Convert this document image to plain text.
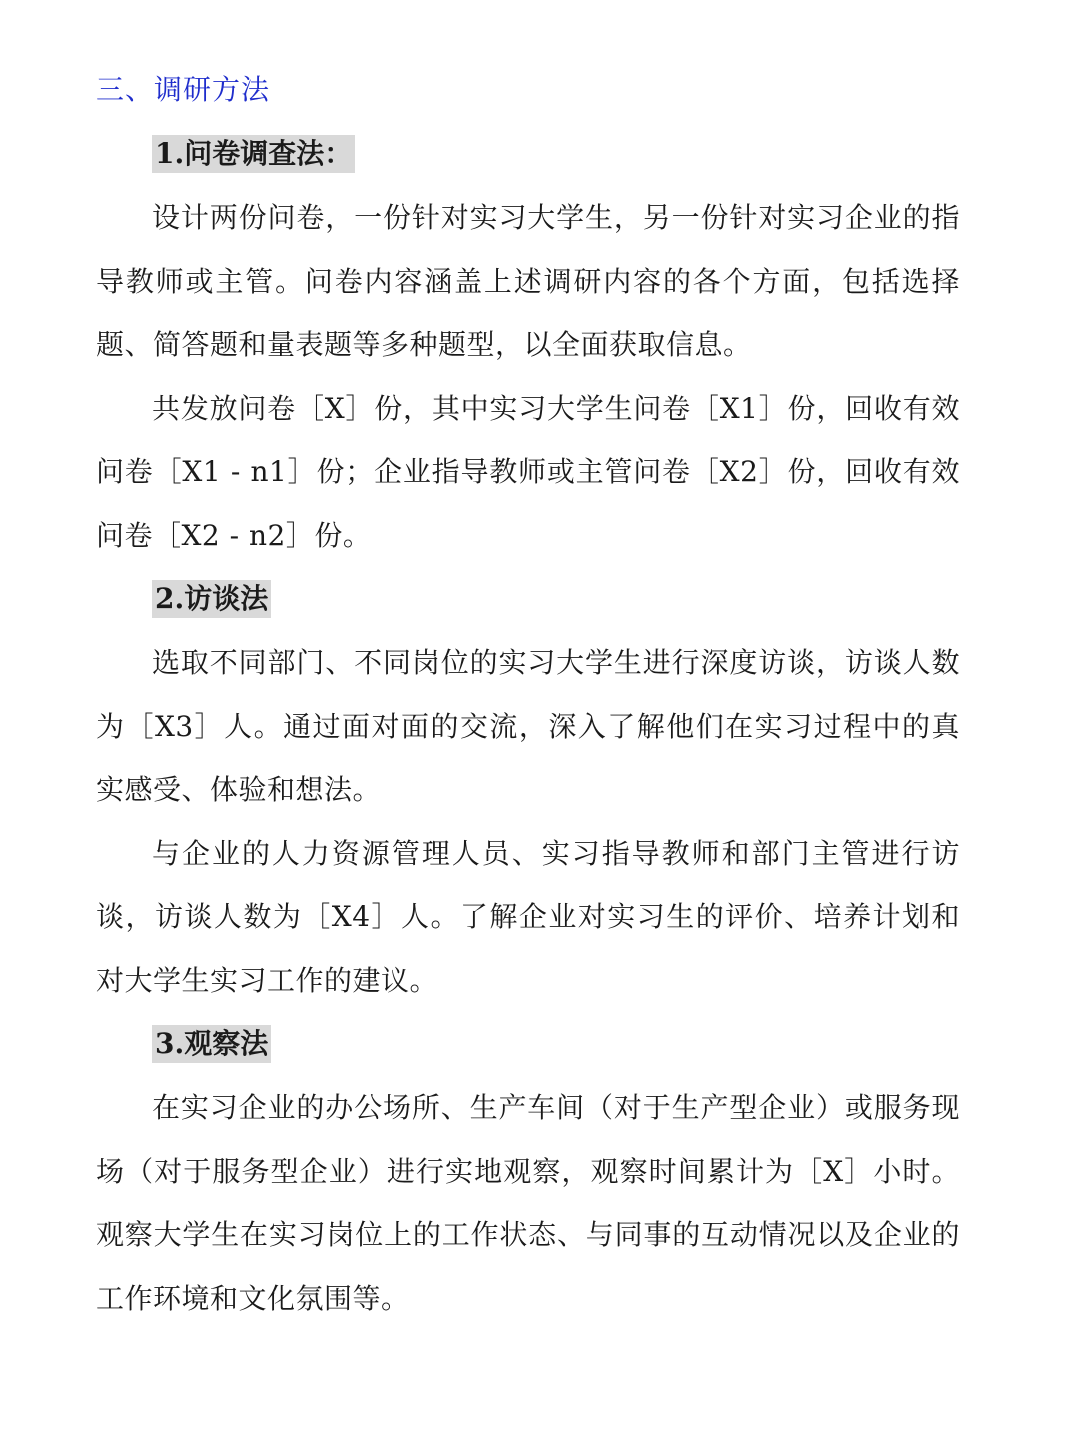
三、调研方法

1.问卷调查法：

设计两份问卷，一份针对实习大学生，另一份针对实习企业的指导教师或主管。问卷内容涵盖上述调研内容的各个方面，包括选择题、简答题和量表题等多种题型，以全面获取信息。

共发放问卷［X］份，其中实习大学生问卷［X1］份，回收有效问卷［X1 - n1］份；企业指导教师或主管问卷［X2］份，回收有效问卷［X2 - n2］份。

2.访谈法

选取不同部门、不同岗位的实习大学生进行深度访谈，访谈人数为［X3］人。通过面对面的交流，深入了解他们在实习过程中的真实感受、体验和想法。

与企业的人力资源管理人员、实习指导教师和部门主管进行访谈，访谈人数为［X4］人。了解企业对实习生的评价、培养计划和对大学生实习工作的建议。

3.观察法

在实习企业的办公场所、生产车间（对于生产型企业）或服务现场（对于服务型企业）进行实地观察，观察时间累计为［X］小时。观察大学生在实习岗位上的工作状态、与同事的互动情况以及企业的工作环境和文化氛围等。
